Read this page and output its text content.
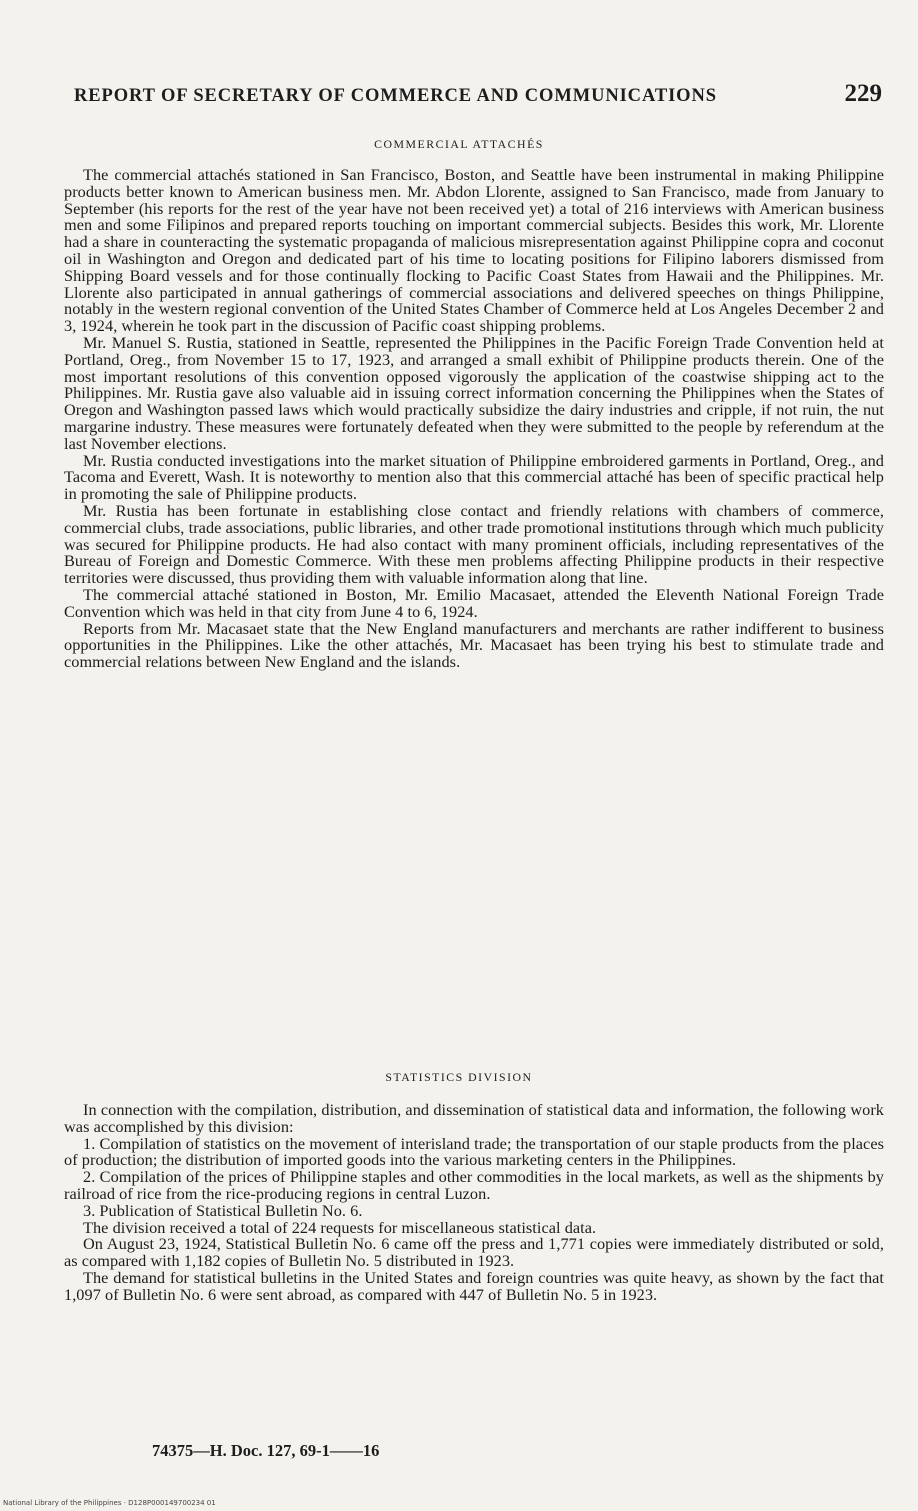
REPORT OF SECRETARY OF COMMERCE AND COMMUNICATIONS	229
COMMERCIAL ATTACHÉS

The commercial attachés stationed in San Francisco, Boston, and Seattle have been instrumental in making Philippine products better known to American business men. Mr. Abdon Llorente, assigned to San Francisco, made from January to September (his reports for the rest of the year have not been received yet) a total of 216 interviews with American business men and some Filipinos and prepared reports touching on important commercial subjects. Besides this work, Mr. Llorente had a share in counteracting the systematic propaganda of malicious misrepresentation against Philippine copra and coconut oil in Washington and Oregon and dedicated part of his time to locating positions for Filipino laborers dismissed from Shipping Board vessels and for those continually flocking to Pacific Coast States from Hawaii and the Philippines. Mr. Llorente also participated in annual gatherings of commercial associations and delivered speeches on things Philippine, notably in the western regional convention of the United States Chamber of Commerce held at Los Angeles December 2 and 3, 1924, wherein he took part in the discussion of Pacific coast shipping problems.

Mr. Manuel S. Rustia, stationed in Seattle, represented the Philippines in the Pacific Foreign Trade Convention held at Portland, Oreg., from November 15 to 17, 1923, and arranged a small exhibit of Philippine products therein. One of the most important resolutions of this convention opposed vigorously the application of the coastwise shipping act to the Philippines. Mr. Rustia gave also valuable aid in issuing correct information concerning the Philippines when the States of Oregon and Washington passed laws which would practically subsidize the dairy industries and cripple, if not ruin, the nut margarine industry. These measures were fortunately defeated when they were submitted to the people by referendum at the last November elections.

Mr. Rustia conducted investigations into the market situation of Philippine embroidered garments in Portland, Oreg., and Tacoma and Everett, Wash. It is noteworthy to mention also that this commercial attaché has been of specific practical help in promoting the sale of Philippine products.

Mr. Rustia has been fortunate in establishing close contact and friendly relations with chambers of commerce, commercial clubs, trade associations, public libraries, and other trade promotional institutions through which much publicity was secured for Philippine products. He had also contact with many prominent officials, including representatives of the Bureau of Foreign and Domestic Commerce. With these men problems affecting Philippine products in their respective territories were discussed, thus providing them with valuable information along that line.

The commercial attaché stationed in Boston, Mr. Emilio Macasaet, attended the Eleventh National Foreign Trade Convention which was held in that city from June 4 to 6, 1924.

Reports from Mr. Macasaet state that the New England manufacturers and merchants are rather indifferent to business opportunities in the Philippines. Like the other attachés, Mr. Macasaet has been trying his best to stimulate trade and commercial relations between New England and the islands.

STATISTICS DIVISION

In connection with the compilation, distribution, and dissemination of statistical data and information, the following work was accomplished by this division:

1. Compilation of statistics on the movement of interisland trade; the transportation of our staple products from the places of production; the distribution of imported goods into the various marketing centers in the Philippines.

2. Compilation of the prices of Philippine staples and other commodities in the local markets, as well as the shipments by railroad of rice from the rice-producing regions in central Luzon.

3. Publication of Statistical Bulletin No. 6.

The division received a total of 224 requests for miscellaneous statistical data.

On August 23, 1924, Statistical Bulletin No. 6 came off the press and 1,771 copies were immediately distributed or sold, as compared with 1,182 copies of Bulletin No. 5 distributed in 1923.

The demand for statistical bulletins in the United States and foreign countries was quite heavy, as shown by the fact that 1,097 of Bulletin No. 6 were sent abroad, as compared with 447 of Bulletin No. 5 in 1923.

74375—H. Doc. 127, 69-1——16
National Library of the Philippines · D128P000149700234 01
